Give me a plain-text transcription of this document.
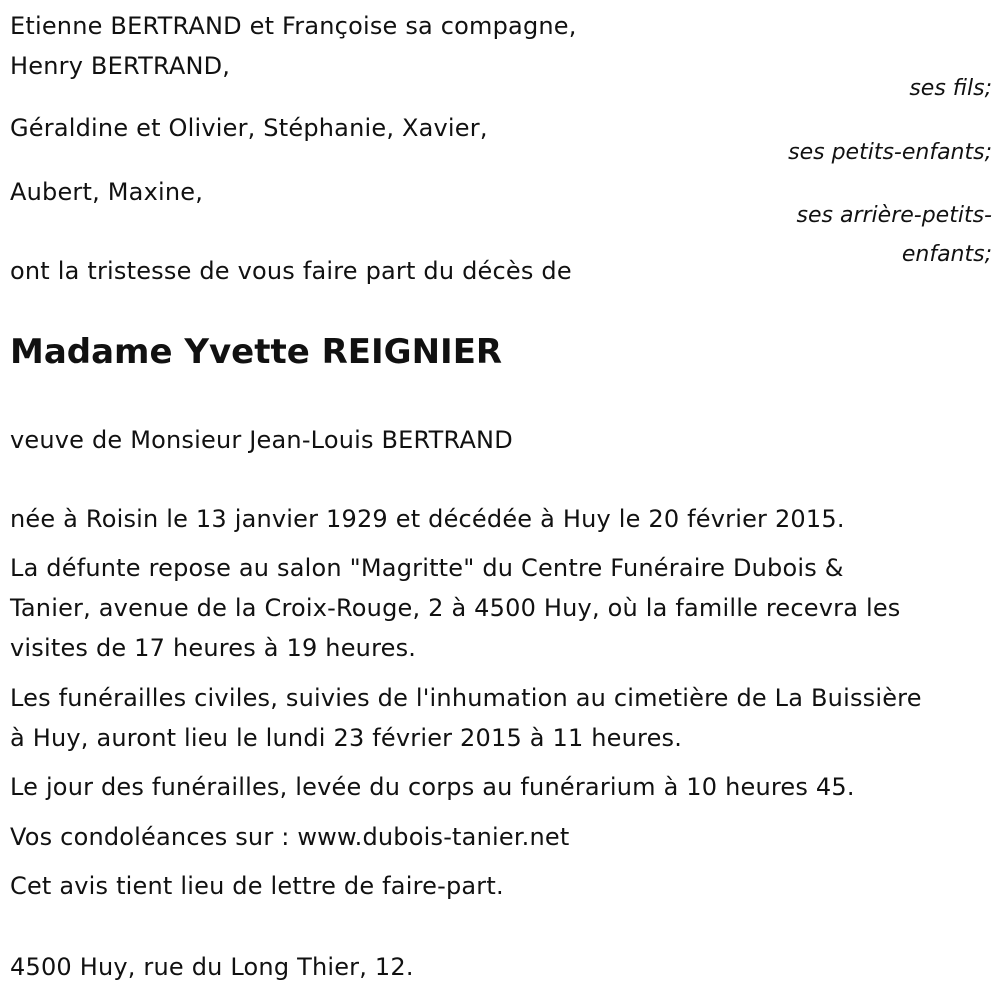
Etienne BERTRAND et Françoise sa compagne,
Henry BERTRAND,
ses fils;
Géraldine et Olivier, Stéphanie, Xavier,
ses petits-enfants;
Aubert, Maxine,
ses arrière-petits-
enfants;
ont la tristesse de vous faire part du décès de
Madame Yvette REIGNIER
veuve de Monsieur Jean-Louis BERTRAND
née à Roisin le 13 janvier 1929 et décédée à Huy le 20 février 2015.
La défunte repose au salon "Magritte" du Centre Funéraire Dubois &
Tanier, avenue de la Croix-Rouge, 2 à 4500 Huy, où la famille recevra les
visites de 17 heures à 19 heures.
Les funérailles civiles, suivies de l'inhumation au cimetière de La Buissière
à Huy, auront lieu le lundi 23 février 2015 à 11 heures.
Le jour des funérailles, levée du corps au funérarium à 10 heures 45.
Vos condoléances sur : www.dubois-tanier.net
Cet avis tient lieu de lettre de faire-part.
4500 Huy, rue du Long Thier, 12.
